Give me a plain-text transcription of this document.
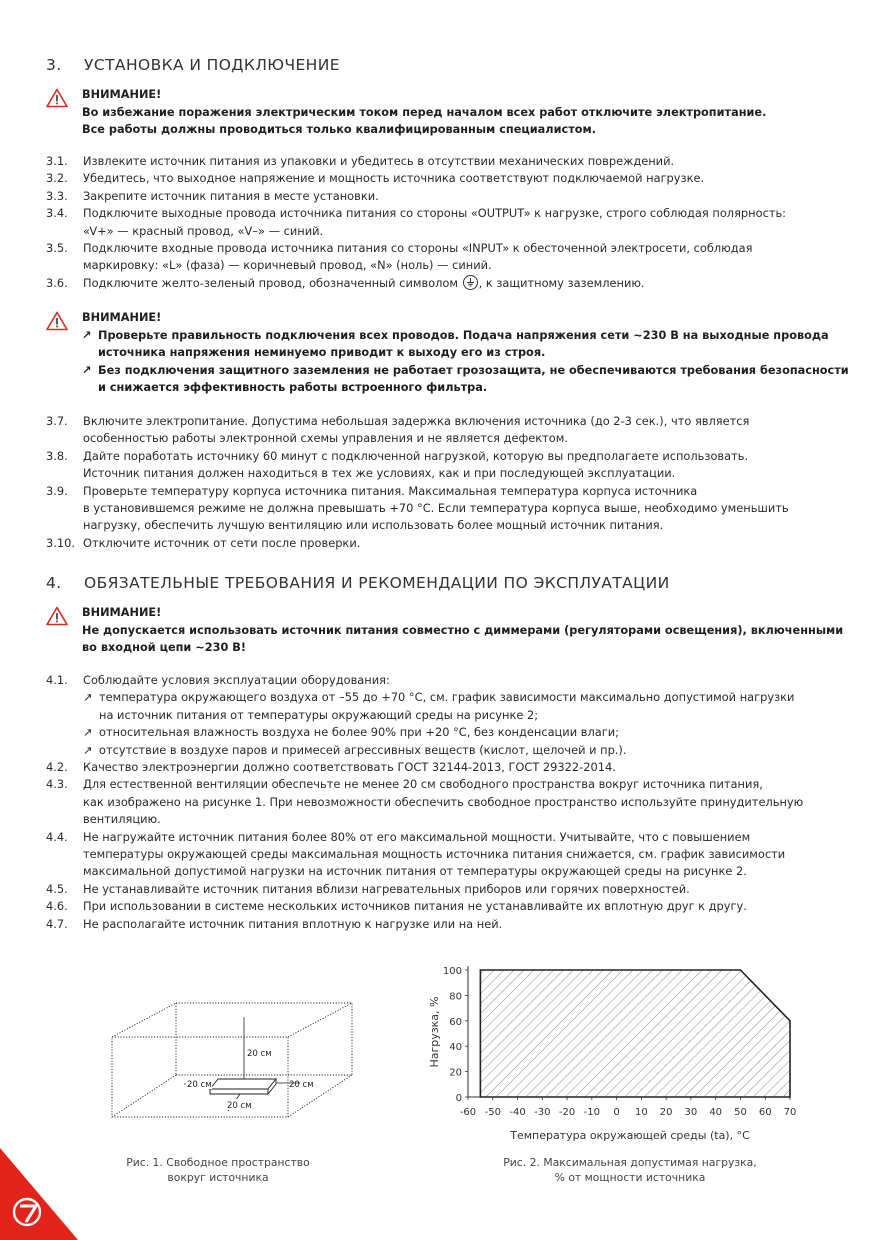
3. УСТАНОВКА И ПОДКЛЮЧЕНИЕ
ВНИМАНИЕ!
Во избежание поражения электрическим током перед началом всех работ отключите электропитание.
Все работы должны проводиться только квалифицированным специалистом.
3.1. Извлеките источник питания из упаковки и убедитесь в отсутствии механических повреждений.
3.2. Убедитесь, что выходное напряжение и мощность источника соответствуют подключаемой нагрузке.
3.3. Закрепите источник питания в месте установки.
3.4. Подключите выходные провода источника питания со стороны «OUTPUT» к нагрузке, строго соблюдая полярность:
«V+» — красный провод, «V–» — синий.
3.5. Подключите входные провода источника питания со стороны «INPUT» к обесточенной электросети, соблюдая
маркировку: «L» (фаза) — коричневый провод, «N» (ноль) — синий.
3.6. Подключите желто-зеленый провод, обозначенный символом , к защитному заземлению.
ВНИМАНИЕ!
↗ Проверьте правильность подключения всех проводов. Подача напряжения сети ~230 В на выходные провода
источника напряжения неминуемо приводит к выходу его из строя.
↗ Без подключения защитного заземления не работает грозозащита, не обеспечиваются требования безопасности
и снижается эффективность работы встроенного фильтра.
3.7. Включите электропитание. Допустима небольшая задержка включения источника (до 2-3 сек.), что является
особенностью работы электронной схемы управления и не является дефектом.
3.8. Дайте поработать источнику 60 минут с подключенной нагрузкой, которую вы предполагаете использовать.
Источник питания должен находиться в тех же условиях, как и при последующей эксплуатации.
3.9. Проверьте температуру корпуса источника питания. Максимальная температура корпуса источника
в установившемся режиме не должна превышать +70 °С. Если температура корпуса выше, необходимо уменьшить
нагрузку, обеспечить лучшую вентиляцию или использовать более мощный источник питания.
3.10. Отключите источник от сети после проверки.
4. ОБЯЗАТЕЛЬНЫЕ ТРЕБОВАНИЯ И РЕКОМЕНДАЦИИ ПО ЭКСПЛУАТАЦИИ
ВНИМАНИЕ!
Не допускается использовать источник питания совместно с диммерами (регуляторами освещения), включенными
во входной цепи ~230 В!
4.1. Соблюдайте условия эксплуатации оборудования:
↗ температура окружающего воздуха от –55 до +70 °С, см. график зависимости максимально допустимой нагрузки
на источник питания от температуры окружающий среды на рисунке 2;
↗ относительная влажность воздуха не более 90% при +20 °С, без конденсации влаги;
↗ отсутствие в воздухе паров и примесей агрессивных веществ (кислот, щелочей и пр.).
4.2. Качество электроэнергии должно соответствовать ГОСТ 32144-2013, ГОСТ 29322-2014.
4.3. Для естественной вентиляции обеспечьте не менее 20 см свободного пространства вокруг источника питания,
как изображено на рисунке 1. При невозможности обеспечить свободное пространство используйте принудительную
вентиляцию.
4.4. Не нагружайте источник питания более 80% от его максимальной мощности. Учитывайте, что с повышением
температуры окружающей среды максимальная мощность источника питания снижается, см. график зависимости
максимальной допустимой нагрузки на источник питания от температуры окружающей среды на рисунке 2.
4.5. Не устанавливайте источник питания вблизи нагревательных приборов или горячих поверхностей.
4.6. При использовании в системе нескольких источников питания не устанавливайте их вплотную друг к другу.
4.7. Не располагайте источник питания вплотную к нагрузке или на ней.
20 см
20 см	20 см
20 см
Рис. 1. Свободное пространство
вокруг источника
0
20
40
60
80
100
-60 -50 -40 -30 -20 -10 0 10 20 30 40 50 60 70
Нагрузка, %
Температура окружающей среды (ta), °С
Рис. 2. Максимальная допустимая нагрузка,
% от мощности источника
